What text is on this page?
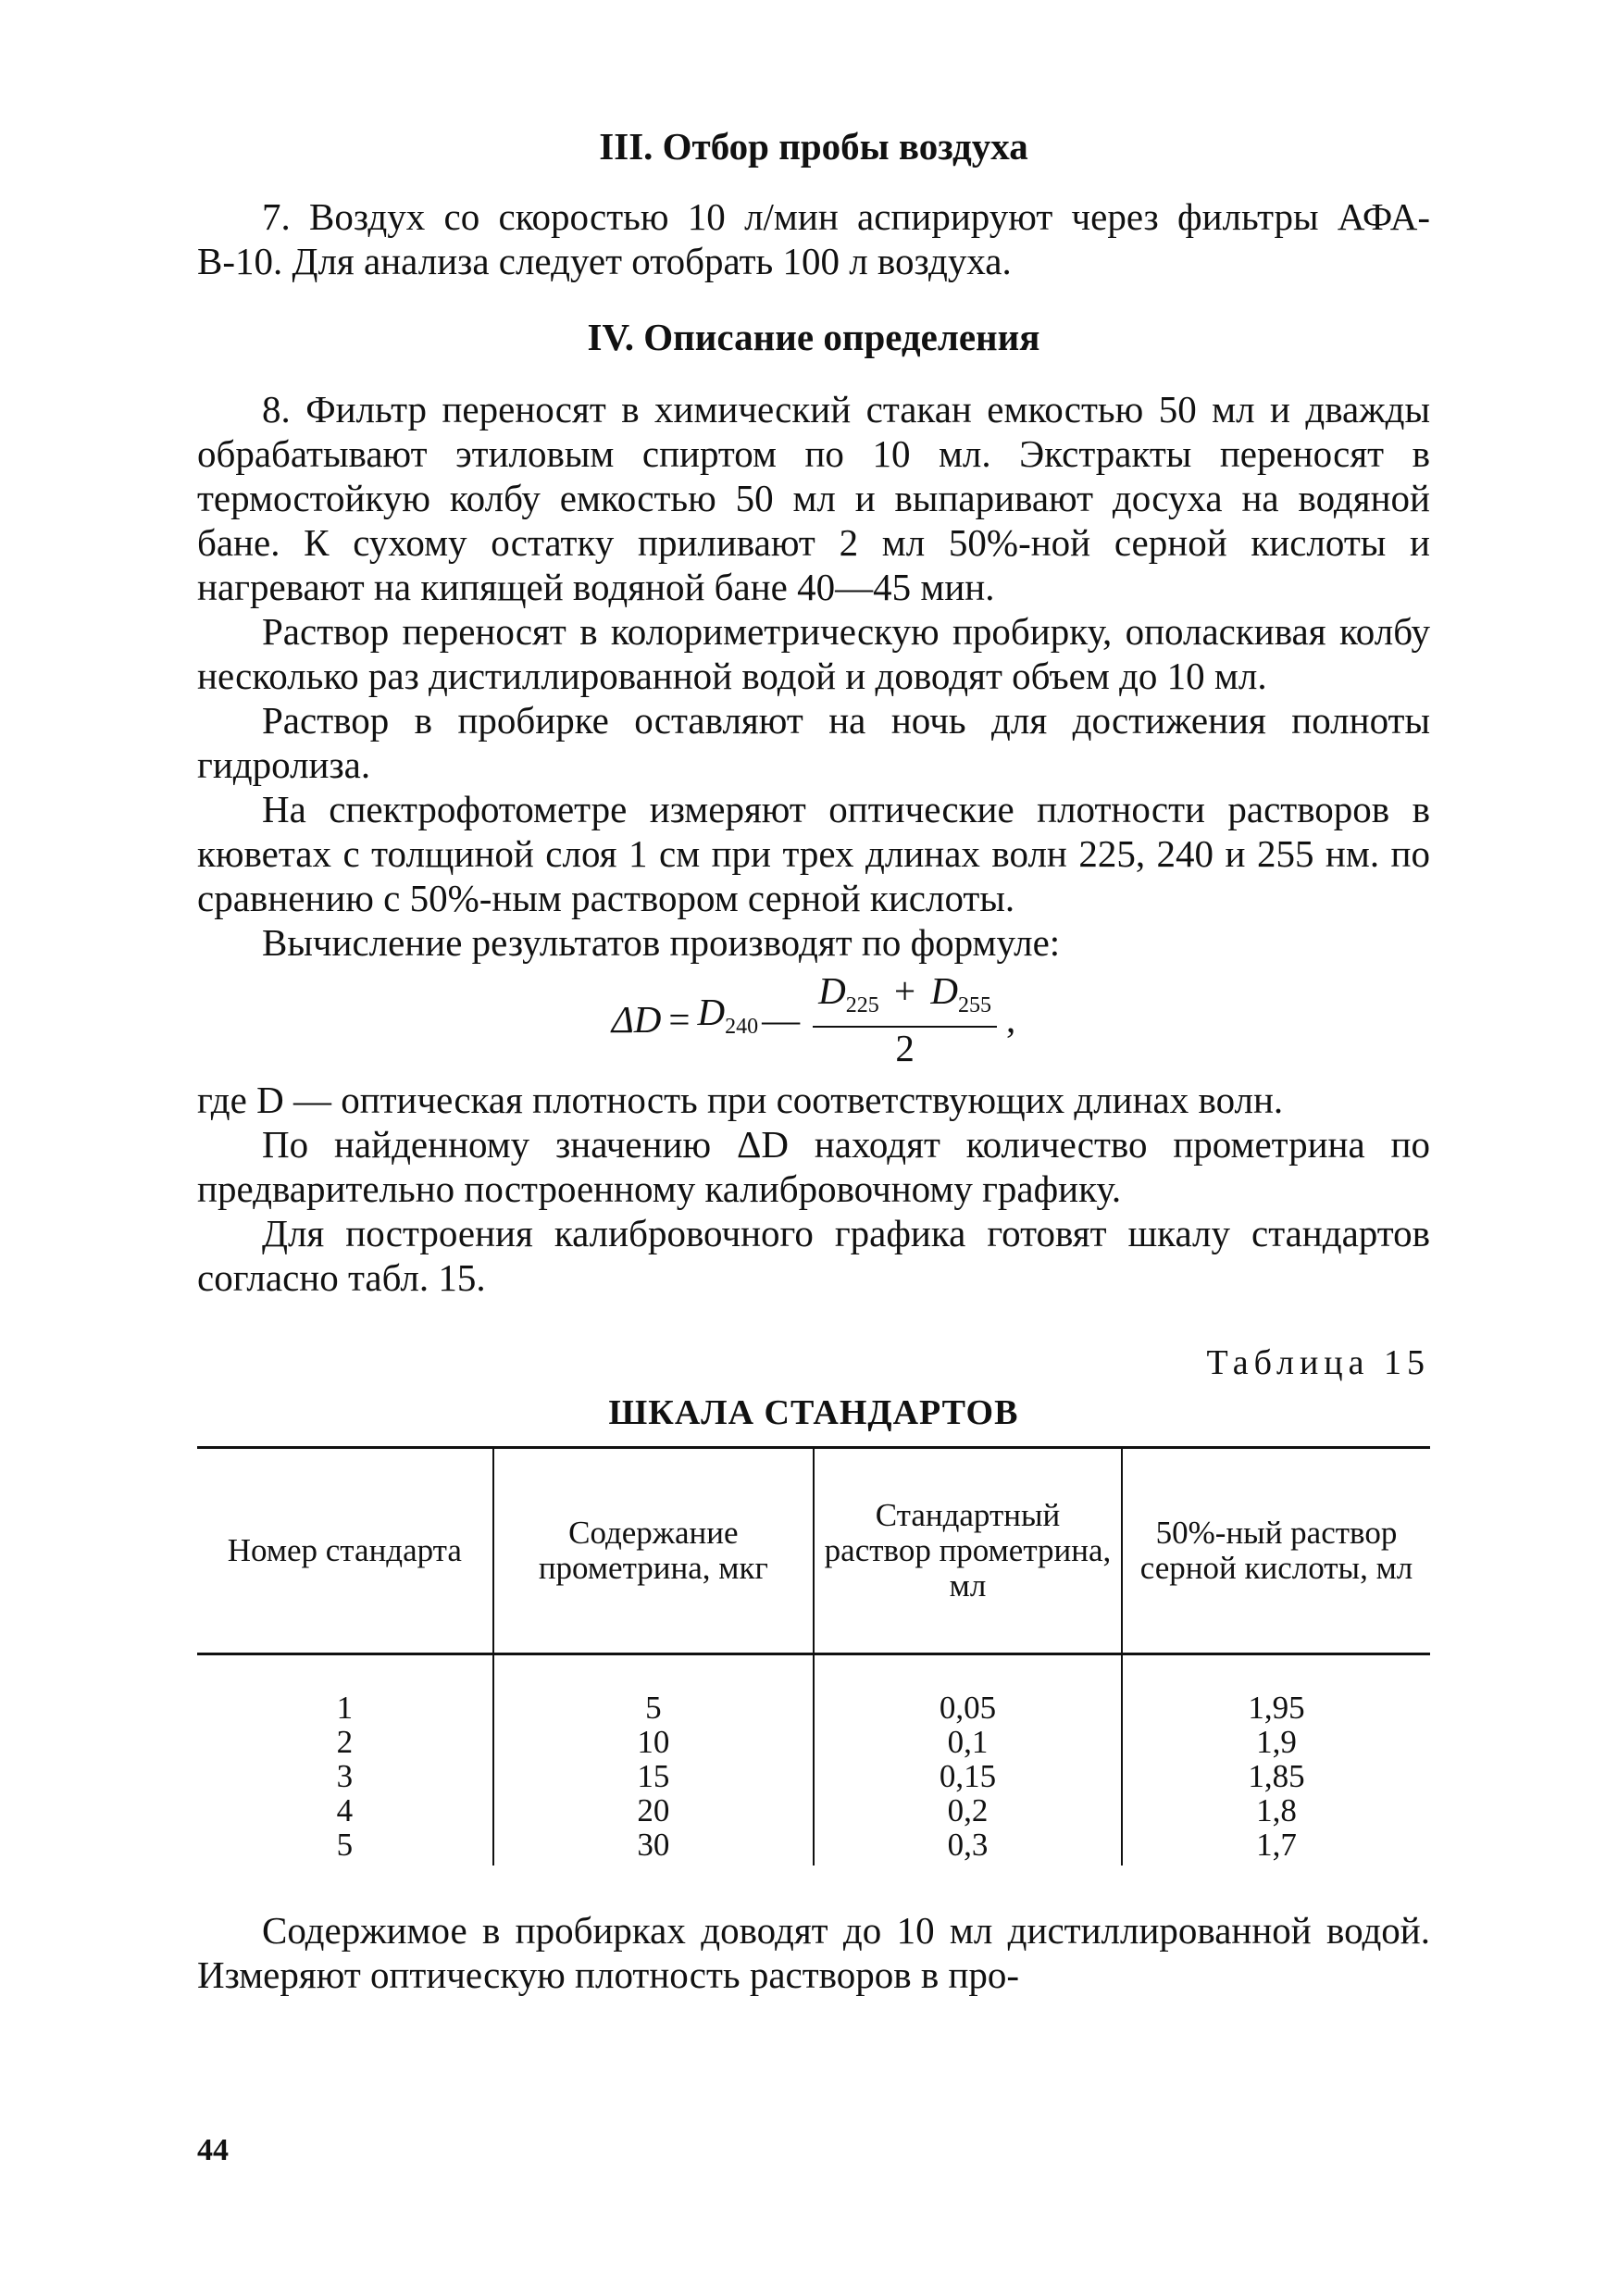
III. Отбор пробы воздуха

7. Воздух со скоростью 10 л/мин аспирируют через фильтры АФА-В-10. Для анализа следует отобрать 100 л воздуха.

IV. Описание определения

8. Фильтр переносят в химический стакан емкостью 50 мл и дважды обрабатывают этиловым спиртом по 10 мл. Экстракты переносят в термостойкую колбу емкостью 50 мл и выпаривают досуха на водяной бане. К сухому остатку приливают 2 мл 50%-ной серной кислоты и нагревают на кипящей водяной бане 40—45 мин.

Раствор переносят в колориметрическую пробирку, ополаскивая колбу несколько раз дистиллированной водой и доводят объем до 10 мл.

Раствор в пробирке оставляют на ночь для достижения полноты гидролиза.

На спектрофотометре измеряют оптические плотности растворов в кюветах с толщиной слоя 1 см при трех длинах волн 225, 240 и 255 нм. по сравнению с 50%-ным раствором серной кислоты.

Вычисление результатов производят по формуле:

$\Delta D = D_{240}$ — $\frac{D_{225} + D_{255}}{2}$ ,

где D — оптическая плотность при соответствующих длинах волн.

По найденному значению ΔD находят количество прометрина по предварительно построенному калибровочному графику.

Для построения калибровочного графика готовят шкалу стандартов согласно табл. 15.

Таблица 15
ШКАЛА СТАНДАРТОВ
Номер стандарта	Содержание прометрина, мкг	Стандартный раствор прометрина, мл	50%-ный раствор серной кислоты, мл
1	5	0,05	1,95
2	10	0,1	1,9
3	15	0,15	1,85
4	20	0,2	1,8
5	30	0,3	1,7

Содержимое в пробирках доводят до 10 мл дистиллированной водой. Измеряют оптическую плотность растворов в про-

44
